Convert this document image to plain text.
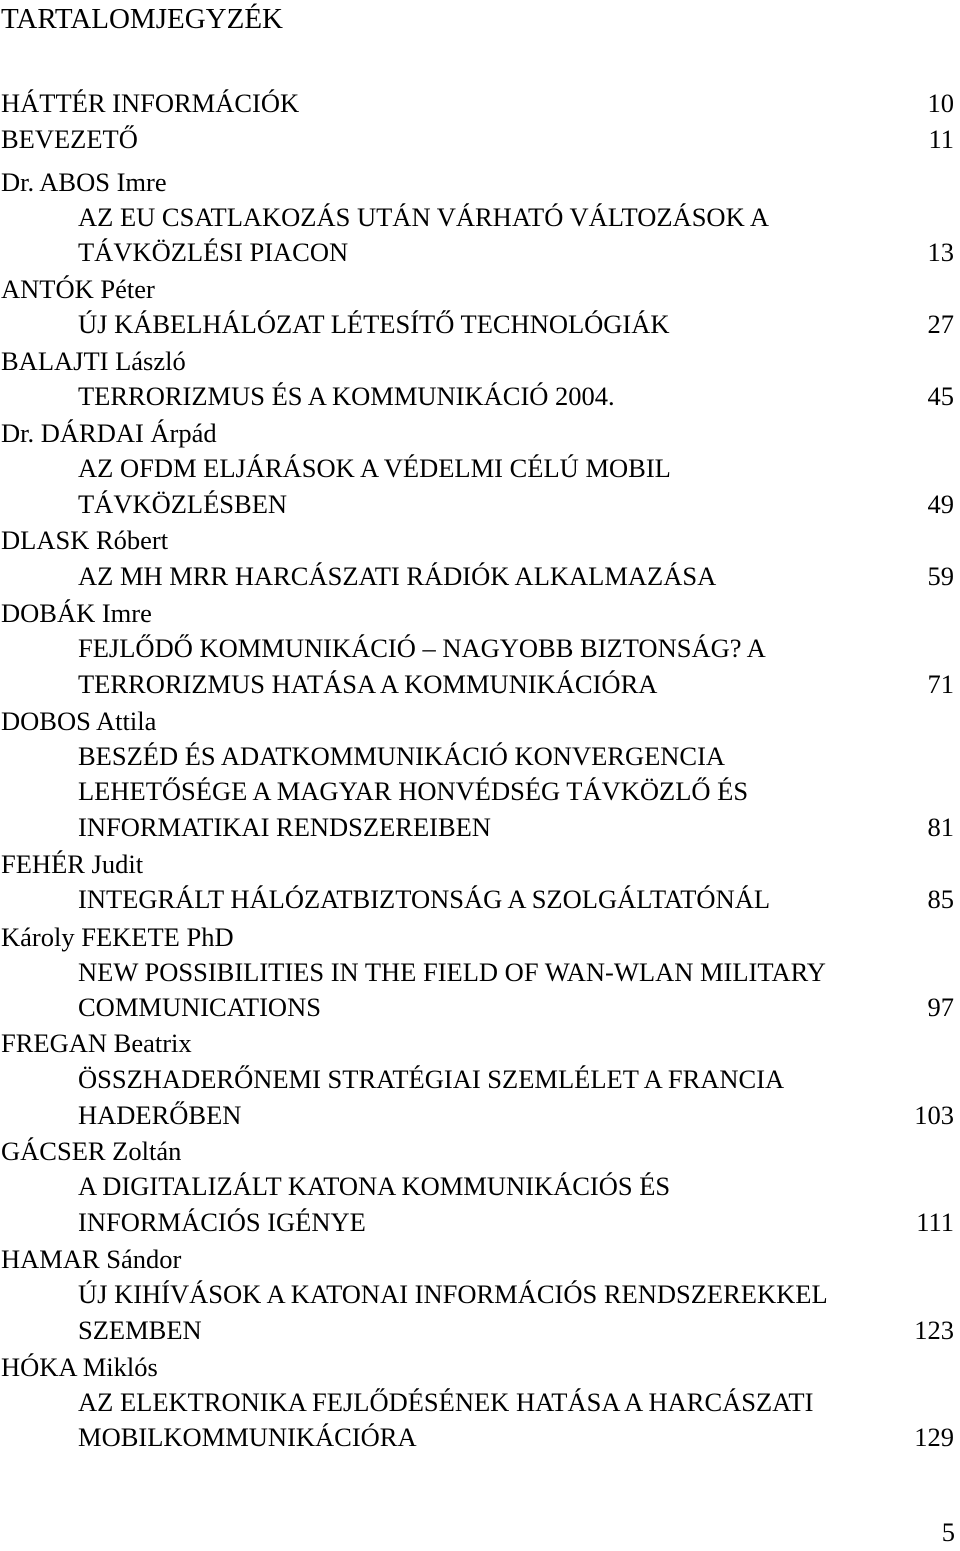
TARTALOMJEGYZÉK
HÁTTÉR INFORMÁCIÓK	10
BEVEZETŐ	11
Dr. ABOS Imre
AZ EU CSATLAKOZÁS UTÁN VÁRHATÓ VÁLTOZÁSOK A
TÁVKÖZLÉSI PIACON	13
ANTÓK Péter
ÚJ KÁBELHÁLÓZAT LÉTESÍTŐ TECHNOLÓGIÁK	27
BALAJTI László
TERRORIZMUS ÉS A KOMMUNIKÁCIÓ 2004.	45
Dr. DÁRDAI Árpád
AZ OFDM ELJÁRÁSOK A VÉDELMI CÉLÚ MOBIL
TÁVKÖZLÉSBEN	49
DLASK Róbert
AZ MH MRR HARCÁSZATI RÁDIÓK ALKALMAZÁSA	59
DOBÁK Imre
FEJLŐDŐ KOMMUNIKÁCIÓ – NAGYOBB BIZTONSÁG? A
TERRORIZMUS HATÁSA A KOMMUNIKÁCIÓRA	71
DOBOS Attila
BESZÉD ÉS ADATKOMMUNIKÁCIÓ KONVERGENCIA
LEHETŐSÉGE A MAGYAR HONVÉDSÉG TÁVKÖZLŐ ÉS
INFORMATIKAI RENDSZEREIBEN	81
FEHÉR Judit
INTEGRÁLT HÁLÓZATBIZTONSÁG A SZOLGÁLTATÓNÁL	85
Károly FEKETE PhD
NEW POSSIBILITIES IN THE FIELD OF WAN-WLAN MILITARY
COMMUNICATIONS	97
FREGAN Beatrix
ÖSSZHADERŐNEMI STRATÉGIAI SZEMLÉLET A FRANCIA
HADERŐBEN	103
GÁCSER Zoltán
A DIGITALIZÁLT KATONA KOMMUNIKÁCIÓS ÉS
INFORMÁCIÓS IGÉNYE	111
HAMAR Sándor
ÚJ KIHÍVÁSOK A KATONAI INFORMÁCIÓS RENDSZEREKKEL
SZEMBEN	123
HÓKA Miklós
AZ ELEKTRONIKA FEJLŐDÉSÉNEK HATÁSA A HARCÁSZATI
MOBILKOMMUNIKÁCIÓRA	129
5
